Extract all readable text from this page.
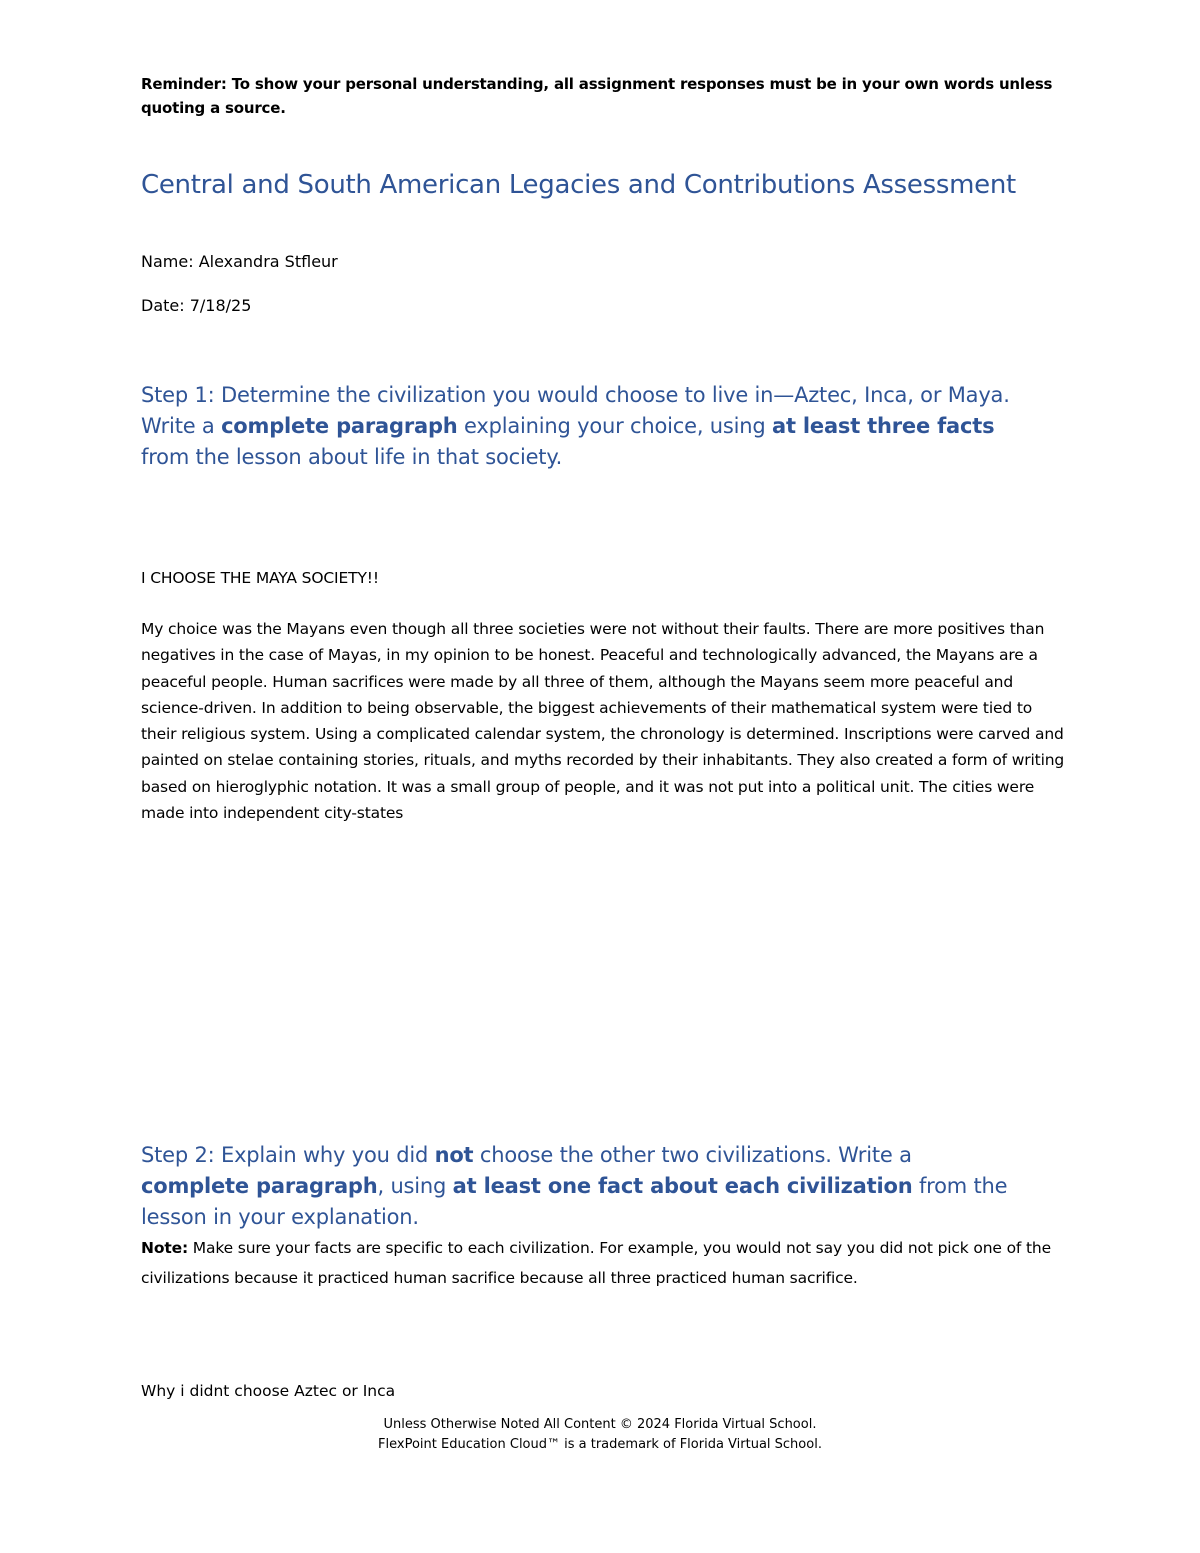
Reminder: To show your personal understanding, all assignment responses must be in your own words unless quoting a source.
Central and South American Legacies and Contributions Assessment
Name: Alexandra Stfleur
Date: 7/18/25
Step 1: Determine the civilization you would choose to live in—Aztec, Inca, or Maya. Write a complete paragraph explaining your choice, using at least three facts from the lesson about life in that society.
I CHOOSE THE MAYA SOCIETY!!
My choice was the Mayans even though all three societies were not without their faults. There are more positives than negatives in the case of Mayas, in my opinion to be honest. Peaceful and technologically advanced, the Mayans are a peaceful people. Human sacrifices were made by all three of them, although the Mayans seem more peaceful and science-driven. In addition to being observable, the biggest achievements of their mathematical system were tied to their religious system. Using a complicated calendar system, the chronology is determined. Inscriptions were carved and painted on stelae containing stories, rituals, and myths recorded by their inhabitants. They also created a form of writing based on hieroglyphic notation. It was a small group of people, and it was not put into a political unit. The cities were made into independent city-states
Step 2: Explain why you did not choose the other two civilizations. Write a complete paragraph, using at least one fact about each civilization from the lesson in your explanation.
Note: Make sure your facts are specific to each civilization. For example, you would not say you did not pick one of the civilizations because it practiced human sacrifice because all three practiced human sacrifice.
Why i didnt choose Aztec or Inca
Unless Otherwise Noted All Content © 2024 Florida Virtual School.
FlexPoint Education Cloud™ is a trademark of Florida Virtual School.
